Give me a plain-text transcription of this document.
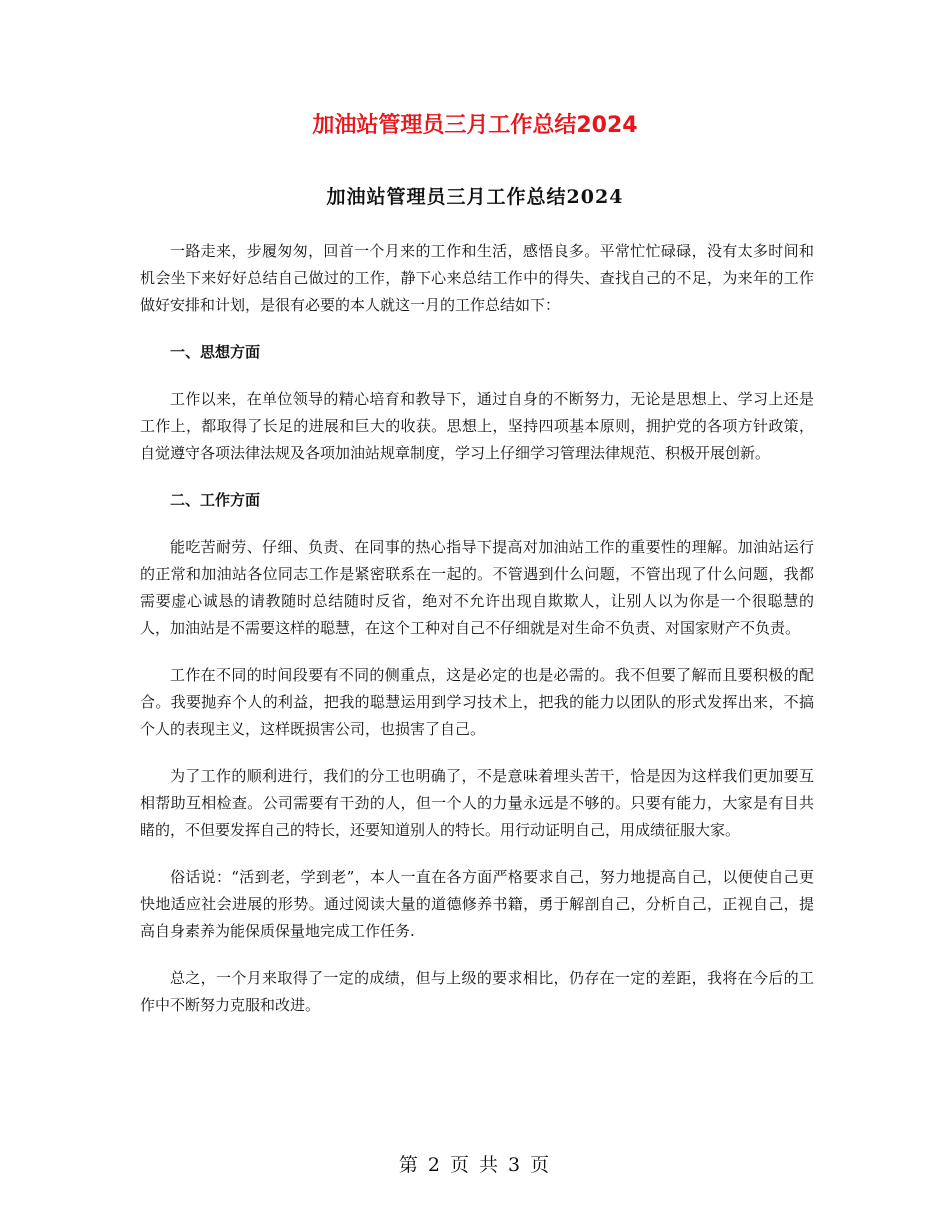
加油站管理员三月工作总结2024
加油站管理员三月工作总结2024

一路走来，步履匆匆，回首一个月来的工作和生活，感悟良多。平常忙忙碌碌，没有太多时间和机会坐下来好好总结自己做过的工作，静下心来总结工作中的得失、查找自己的不足，为来年的工作做好安排和计划，是很有必要的本人就这一月的工作总结如下：

一、思想方面

工作以来，在单位领导的精心培育和教导下，通过自身的不断努力，无论是思想上、学习上还是工作上，都取得了长足的进展和巨大的收获。思想上，坚持四项基本原则，拥护党的各项方针政策，自觉遵守各项法律法规及各项加油站规章制度，学习上仔细学习管理法律规范、积极开展创新。

二、工作方面

能吃苦耐劳、仔细、负责、在同事的热心指导下提高对加油站工作的重要性的理解。加油站运行的正常和加油站各位同志工作是紧密联系在一起的。不管遇到什么问题，不管出现了什么问题，我都需要虚心诚恳的请教随时总结随时反省，绝对不允许出现自欺欺人，让别人以为你是一个很聪慧的人，加油站是不需要这样的聪慧，在这个工种对自己不仔细就是对生命不负责、对国家财产不负责。

工作在不同的时间段要有不同的侧重点，这是必定的也是必需的。我不但要了解而且要积极的配合。我要抛弃个人的利益，把我的聪慧运用到学习技术上，把我的能力以团队的形式发挥出来，不搞个人的表现主义，这样既损害公司，也损害了自己。

为了工作的顺利进行，我们的分工也明确了，不是意味着埋头苦干，恰是因为这样我们更加要互相帮助互相检查。公司需要有干劲的人，但一个人的力量永远是不够的。只要有能力，大家是有目共睹的，不但要发挥自己的特长，还要知道别人的特长。用行动证明自己，用成绩征服大家。

俗话说：“活到老，学到老”，本人一直在各方面严格要求自己，努力地提高自己，以便使自己更快地适应社会进展的形势。通过阅读大量的道德修养书籍，勇于解剖自己，分析自己，正视自己，提高自身素养为能保质保量地完成工作任务.

总之，一个月来取得了一定的成绩，但与上级的要求相比，仍存在一定的差距，我将在今后的工作中不断努力克服和改进。

第 2 页 共 3 页
